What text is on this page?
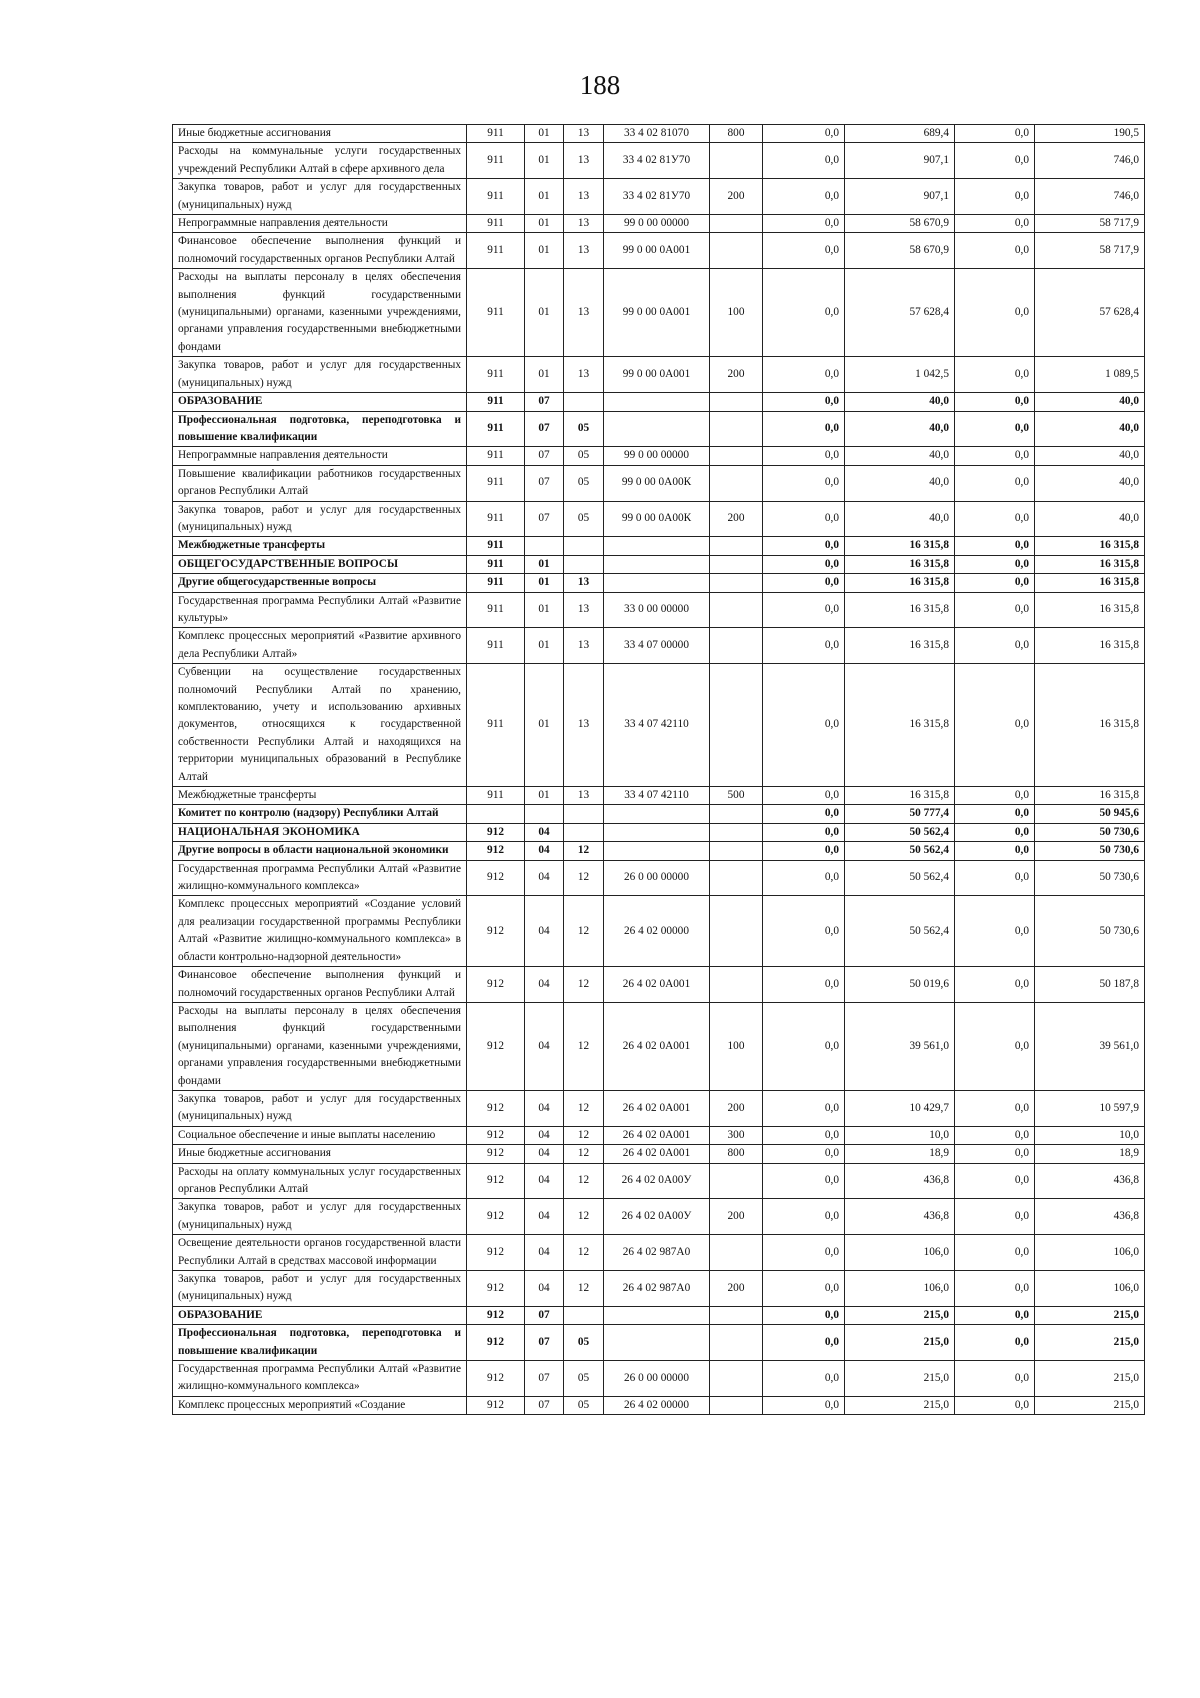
188
Иные бюджетные ассигнования	911	01	13	33 4 02 81070	800	0,0	689,4	0,0	190,5
Расходы на коммунальные услуги государственных учреждений Республики Алтай в сфере архивного дела	911	01	13	33 4 02 81У70		0,0	907,1	0,0	746,0
Закупка товаров, работ и услуг для государственных (муниципальных) нужд	911	01	13	33 4 02 81У70	200	0,0	907,1	0,0	746,0
Непрограммные направления деятельности	911	01	13	99 0 00 00000		0,0	58 670,9	0,0	58 717,9
Финансовое обеспечение выполнения функций и полномочий государственных органов Республики Алтай	911	01	13	99 0 00 0А001		0,0	58 670,9	0,0	58 717,9
Расходы на выплаты персоналу в целях обеспечения выполнения функций государственными (муниципальными) органами, казенными учреждениями, органами управления государственными внебюджетными фондами	911	01	13	99 0 00 0А001	100	0,0	57 628,4	0,0	57 628,4
Закупка товаров, работ и услуг для государственных (муниципальных) нужд	911	01	13	99 0 00 0А001	200	0,0	1 042,5	0,0	1 089,5
ОБРАЗОВАНИЕ	911	07				0,0	40,0	0,0	40,0
Профессиональная подготовка, переподготовка и повышение квалификации	911	07	05			0,0	40,0	0,0	40,0
Непрограммные направления деятельности	911	07	05	99 0 00 00000		0,0	40,0	0,0	40,0
Повышение квалификации работников государственных органов Республики Алтай	911	07	05	99 0 00 0А00К		0,0	40,0	0,0	40,0
Закупка товаров, работ и услуг для государственных (муниципальных) нужд	911	07	05	99 0 00 0А00К	200	0,0	40,0	0,0	40,0
Межбюджетные трансферты	911					0,0	16 315,8	0,0	16 315,8
ОБЩЕГОСУДАРСТВЕННЫЕ ВОПРОСЫ	911	01				0,0	16 315,8	0,0	16 315,8
Другие общегосударственные вопросы	911	01	13			0,0	16 315,8	0,0	16 315,8
Государственная программа Республики Алтай «Развитие культуры»	911	01	13	33 0 00 00000		0,0	16 315,8	0,0	16 315,8
Комплекс процессных мероприятий «Развитие архивного дела Республики Алтай»	911	01	13	33 4 07 00000		0,0	16 315,8	0,0	16 315,8
Субвенции на осуществление государственных полномочий Республики Алтай по хранению, комплектованию, учету и использованию архивных документов, относящихся к государственной собственности Республики Алтай и находящихся на территории муниципальных образований в Республике Алтай	911	01	13	33 4 07 42110		0,0	16 315,8	0,0	16 315,8
Межбюджетные трансферты	911	01	13	33 4 07 42110	500	0,0	16 315,8	0,0	16 315,8
Комитет по контролю (надзору) Республики Алтай						0,0	50 777,4	0,0	50 945,6
НАЦИОНАЛЬНАЯ ЭКОНОМИКА	912	04				0,0	50 562,4	0,0	50 730,6
Другие вопросы в области национальной экономики	912	04	12			0,0	50 562,4	0,0	50 730,6
Государственная программа Республики Алтай «Развитие жилищно-коммунального комплекса»	912	04	12	26 0 00 00000		0,0	50 562,4	0,0	50 730,6
Комплекс процессных мероприятий «Создание условий для реализации государственной программы Республики Алтай «Развитие жилищно-коммунального комплекса» в области контрольно-надзорной деятельности»	912	04	12	26 4 02 00000		0,0	50 562,4	0,0	50 730,6
Финансовое обеспечение выполнения функций и полномочий государственных органов Республики Алтай	912	04	12	26 4 02 0А001		0,0	50 019,6	0,0	50 187,8
Расходы на выплаты персоналу в целях обеспечения выполнения функций государственными (муниципальными) органами, казенными учреждениями, органами управления государственными внебюджетными фондами	912	04	12	26 4 02 0А001	100	0,0	39 561,0	0,0	39 561,0
Закупка товаров, работ и услуг для государственных (муниципальных) нужд	912	04	12	26 4 02 0А001	200	0,0	10 429,7	0,0	10 597,9
Социальное обеспечение и иные выплаты населению	912	04	12	26 4 02 0А001	300	0,0	10,0	0,0	10,0
Иные бюджетные ассигнования	912	04	12	26 4 02 0А001	800	0,0	18,9	0,0	18,9
Расходы на оплату коммунальных услуг государственных органов Республики Алтай	912	04	12	26 4 02 0А00У		0,0	436,8	0,0	436,8
Закупка товаров, работ и услуг для государственных (муниципальных) нужд	912	04	12	26 4 02 0А00У	200	0,0	436,8	0,0	436,8
Освещение деятельности органов государственной власти Республики Алтай в средствах массовой информации	912	04	12	26 4 02 987А0		0,0	106,0	0,0	106,0
Закупка товаров, работ и услуг для государственных (муниципальных) нужд	912	04	12	26 4 02 987А0	200	0,0	106,0	0,0	106,0
ОБРАЗОВАНИЕ	912	07				0,0	215,0	0,0	215,0
Профессиональная подготовка, переподготовка и повышение квалификации	912	07	05			0,0	215,0	0,0	215,0
Государственная программа Республики Алтай «Развитие жилищно-коммунального комплекса»	912	07	05	26 0 00 00000		0,0	215,0	0,0	215,0
Комплекс процессных мероприятий «Создание	912	07	05	26 4 02 00000		0,0	215,0	0,0	215,0
